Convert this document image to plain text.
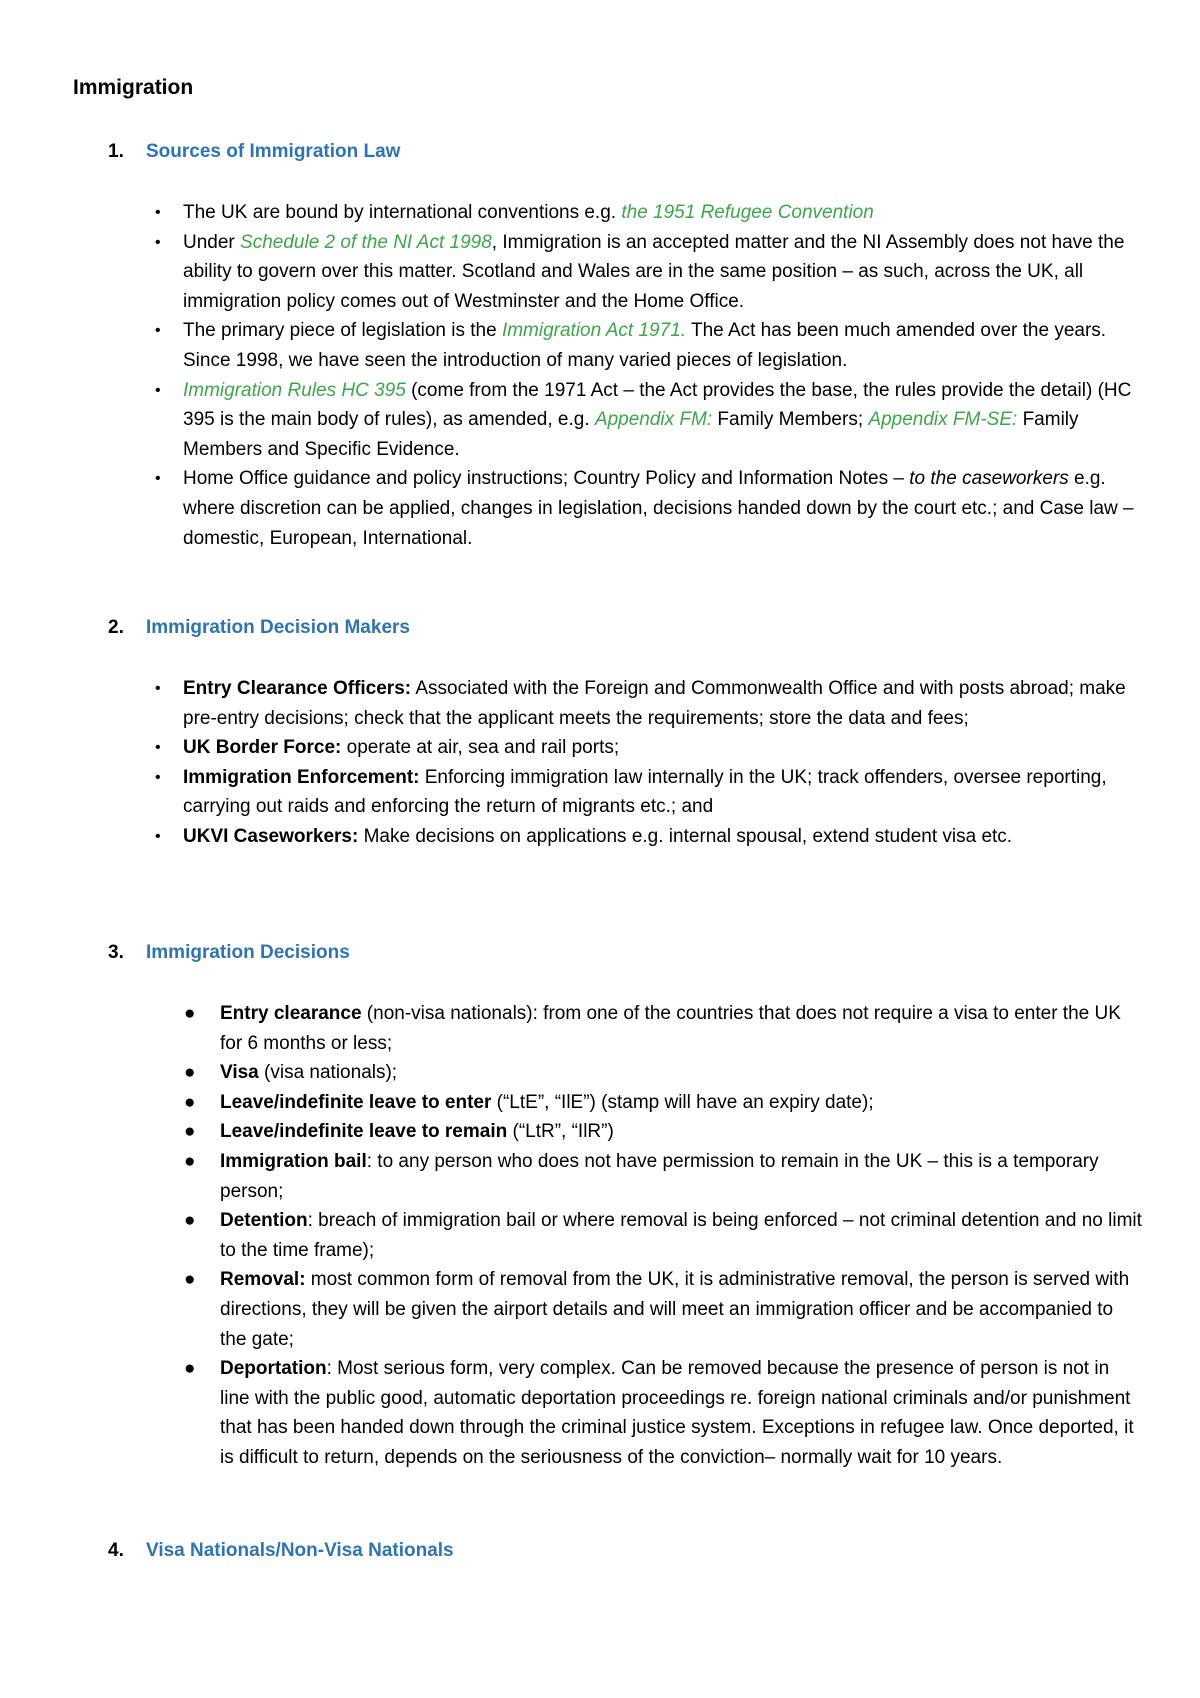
Immigration
1. Sources of Immigration Law
• The UK are bound by international conventions e.g. the 1951 Refugee Convention
• Under Schedule 2 of the NI Act 1998, Immigration is an accepted matter and the NI Assembly does not have the ability to govern over this matter. Scotland and Wales are in the same position – as such, across the UK, all immigration policy comes out of Westminster and the Home Office.
• The primary piece of legislation is the Immigration Act 1971. The Act has been much amended over the years. Since 1998, we have seen the introduction of many varied pieces of legislation.
• Immigration Rules HC 395 (come from the 1971 Act – the Act provides the base, the rules provide the detail) (HC 395 is the main body of rules), as amended, e.g. Appendix FM: Family Members; Appendix FM-SE: Family Members and Specific Evidence.
• Home Office guidance and policy instructions; Country Policy and Information Notes – to the caseworkers e.g. where discretion can be applied, changes in legislation, decisions handed down by the court etc.; and Case law – domestic, European, International.
2. Immigration Decision Makers
• Entry Clearance Officers: Associated with the Foreign and Commonwealth Office and with posts abroad; make pre-entry decisions; check that the applicant meets the requirements; store the data and fees;
• UK Border Force: operate at air, sea and rail ports;
• Immigration Enforcement: Enforcing immigration law internally in the UK; track offenders, oversee reporting, carrying out raids and enforcing the return of migrants etc.; and
• UKVI Caseworkers: Make decisions on applications e.g. internal spousal, extend student visa etc.
3. Immigration Decisions
● Entry clearance (non-visa nationals): from one of the countries that does not require a visa to enter the UK for 6 months or less;
● Visa (visa nationals);
● Leave/indefinite leave to enter (“LtE”, “IlE”) (stamp will have an expiry date);
● Leave/indefinite leave to remain (“LtR”, “IlR”)
● Immigration bail: to any person who does not have permission to remain in the UK – this is a temporary person;
● Detention: breach of immigration bail or where removal is being enforced – not criminal detention and no limit to the time frame);
● Removal: most common form of removal from the UK, it is administrative removal, the person is served with directions, they will be given the airport details and will meet an immigration officer and be accompanied to the gate;
● Deportation: Most serious form, very complex. Can be removed because the presence of person is not in line with the public good, automatic deportation proceedings re. foreign national criminals and/or punishment that has been handed down through the criminal justice system. Exceptions in refugee law. Once deported, it is difficult to return, depends on the seriousness of the conviction– normally wait for 10 years.
4. Visa Nationals/Non-Visa Nationals
